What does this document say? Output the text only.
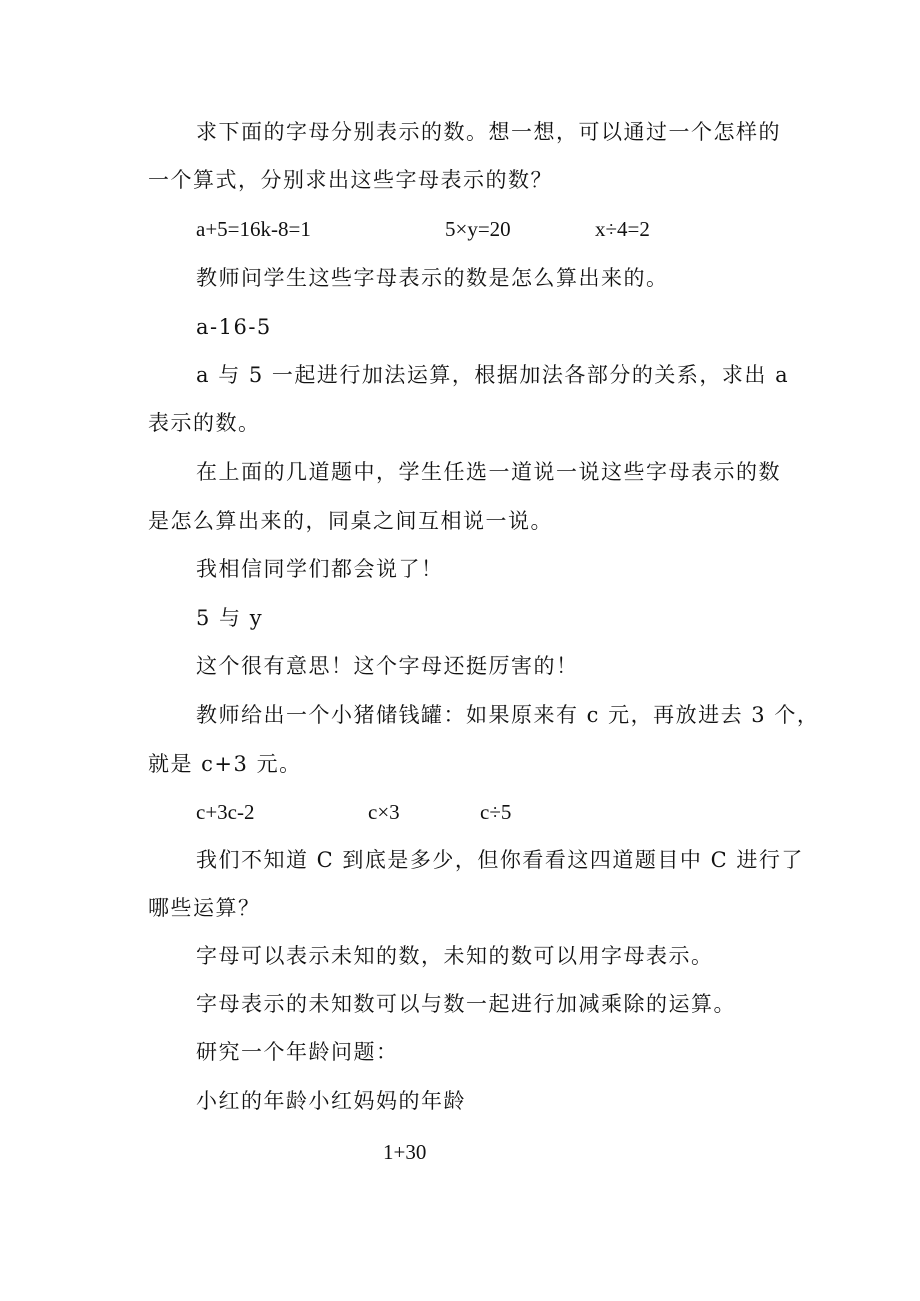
求下面的字母分别表示的数。想一想，可以通过一个怎样的
一个算式，分别求出这些字母表示的数？
a+5=16k-8=1	5×y=20	x÷4=2
教师问学生这些字母表示的数是怎么算出来的。
a-16-5
a 与 5 一起进行加法运算，根据加法各部分的关系，求出 a
表示的数。
在上面的几道题中，学生任选一道说一说这些字母表示的数
是怎么算出来的，同桌之间互相说一说。
我相信同学们都会说了！
5 与 y
这个很有意思！这个字母还挺厉害的！
教师给出一个小猪储钱罐：如果原来有 c 元，再放进去 3 个，
就是 c+3 元。
c+3c-2	c×3	c÷5
我们不知道 C 到底是多少，但你看看这四道题目中 C 进行了
哪些运算？
字母可以表示未知的数，未知的数可以用字母表示。
字母表示的未知数可以与数一起进行加减乘除的运算。
研究一个年龄问题：
小红的年龄小红妈妈的年龄
1+30
